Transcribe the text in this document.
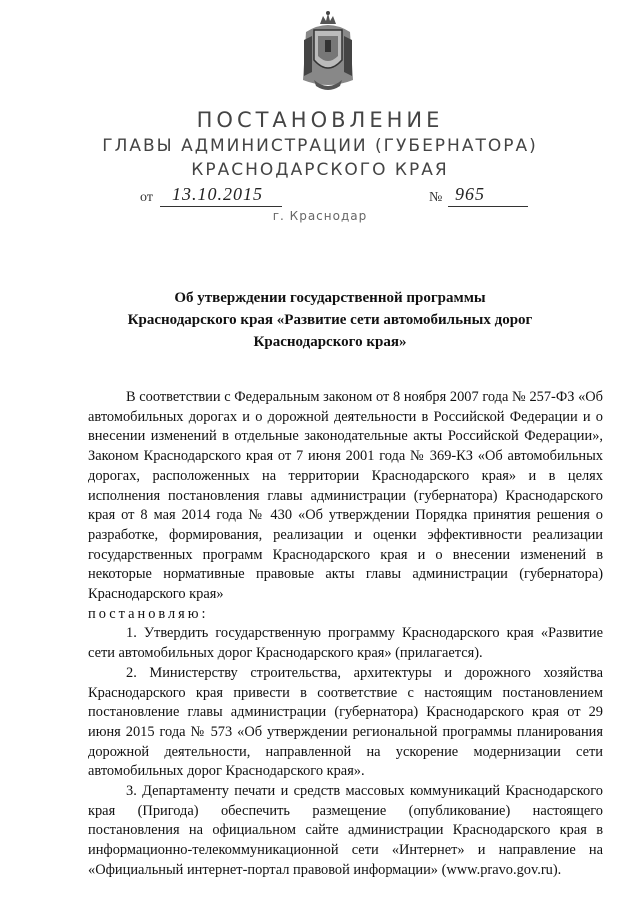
ПОСТАНОВЛЕНИЕ
ГЛАВЫ АДМИНИСТРАЦИИ (ГУБЕРНАТОРА)
КРАСНОДАРСКОГО КРАЯ
от 13.10.2015	№ 965
г. Краснодар
Об утверждении государственной программы
Краснодарского края «Развитие сети автомобильных дорог
Краснодарского края»

В соответствии с Федеральным законом от 8 ноября 2007 года № 257-ФЗ «Об автомобильных дорогах и о дорожной деятельности в Российской Федерации и о внесении изменений в отдельные законодательные акты Российской Федерации», Законом Краснодарского края от 7 июня 2001 года № 369-КЗ «Об автомобильных дорогах, расположенных на территории Краснодарского края» и в целях исполнения постановления главы администрации (губернатора) Краснодарского края от 8 мая 2014 года № 430 «Об утверждении Порядка принятия решения о разработке, формирования, реализации и оценки эффективности реализации государственных программ Краснодарского края и о внесении изменений в некоторые нормативные правовые акты главы администрации (губернатора) Краснодарского края»

постановляю:

1. Утвердить государственную программу Краснодарского края «Развитие сети автомобильных дорог Краснодарского края» (прилагается).

2. Министерству строительства, архитектуры и дорожного хозяйства Краснодарского края привести в соответствие с настоящим постановлением постановление главы администрации (губернатора) Краснодарского края от 29 июня 2015 года № 573 «Об утверждении региональной программы планирования дорожной деятельности, направленной на ускорение модернизации сети автомобильных дорог Краснодарского края».

3. Департаменту печати и средств массовых коммуникаций Краснодарского края (Пригода) обеспечить размещение (опубликование) настоящего постановления на официальном сайте администрации Краснодарского края в информационно-телекоммуникационной сети «Интернет» и направление на «Официальный интернет-портал правовой информации» (www.pravo.gov.ru).
